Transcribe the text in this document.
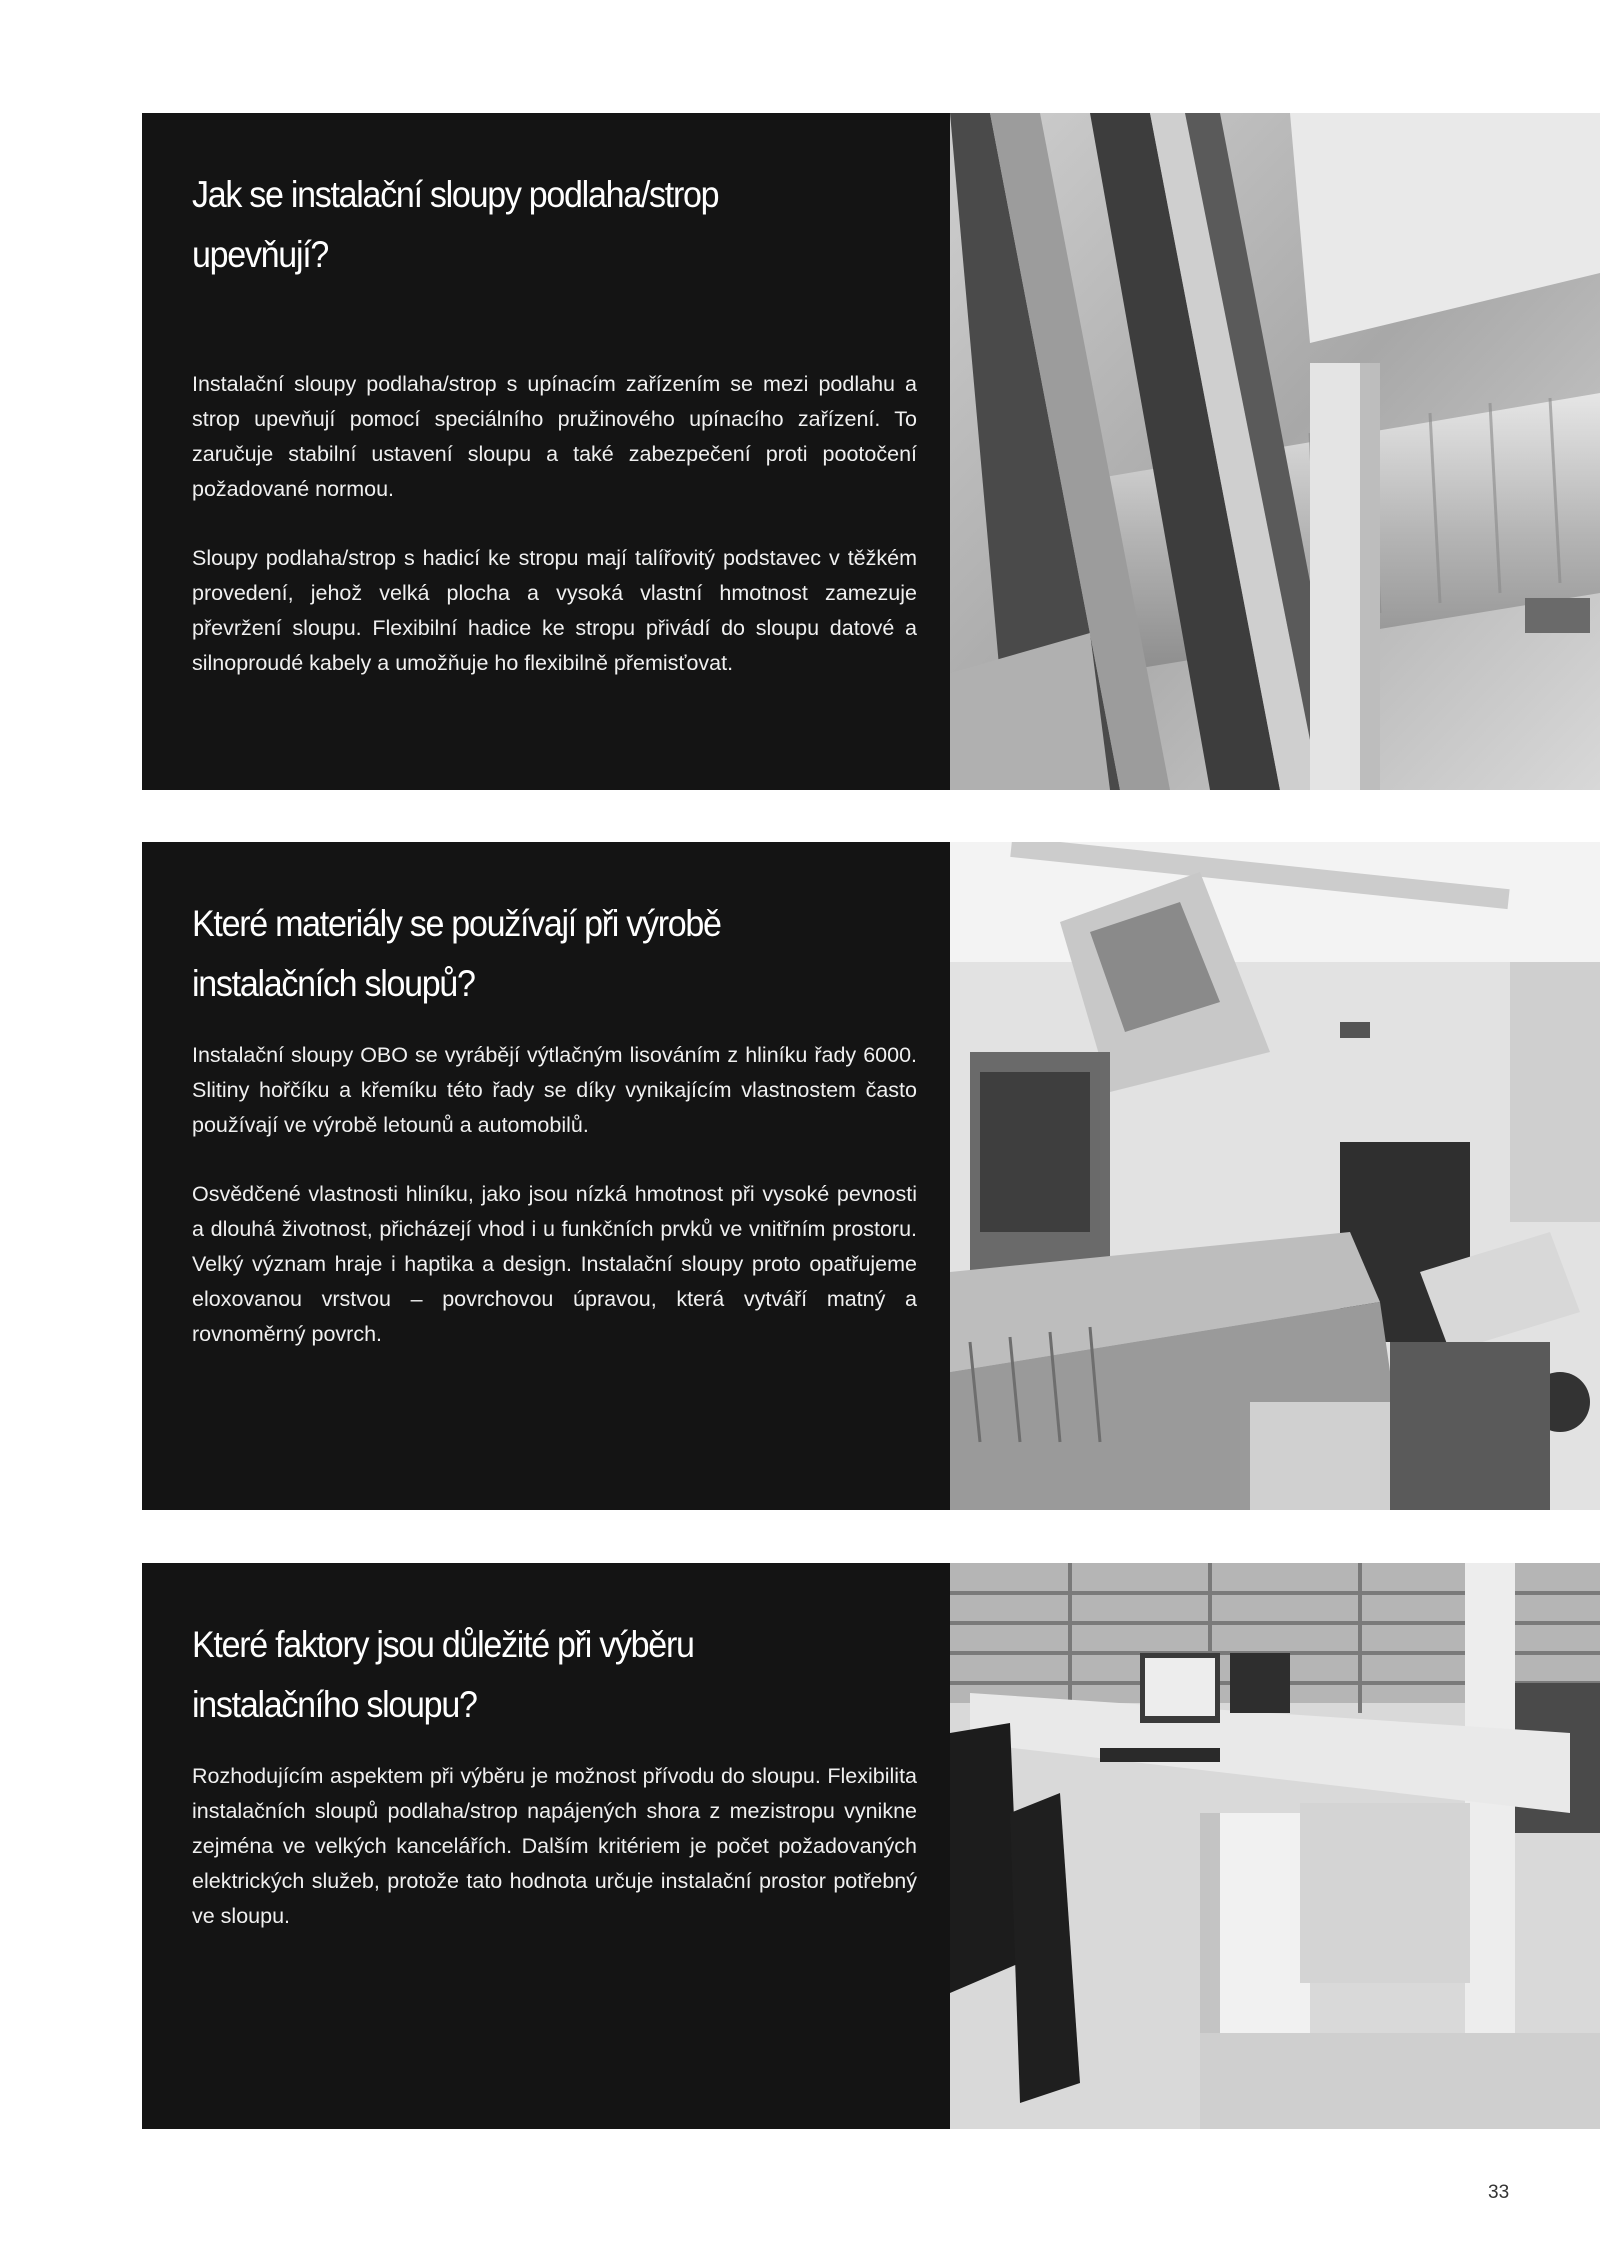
Jak se instalační sloupy podlaha/strop upevňují?

Instalační sloupy podlaha/strop s upínacím zařízením se mezi podlahu a strop upevňují pomocí speciálního pružinového upínacího zařízení. To zaručuje stabilní ustavení sloupu a také zabezpečení proti pootočení požadované normou.

Sloupy podlaha/strop s hadicí ke stropu mají talířovitý podstavec v těžkém provedení, jehož velká plocha a vysoká vlastní hmotnost zamezuje převržení sloupu. Flexibilní hadice ke stropu přivádí do sloupu datové a silnoproudé kabely a umožňuje ho flexibilně přemisťovat.

Které materiály se používají při výrobě instalačních sloupů?

Instalační sloupy OBO se vyrábějí výtlačným lisováním z hliníku řady 6000. Slitiny hořčíku a křemíku této řady se díky vynikajícím vlastnostem často používají ve výrobě letounů a automobilů.

Osvědčené vlastnosti hliníku, jako jsou nízká hmotnost při vysoké pevnosti a dlouhá životnost, přicházejí vhod i u funkčních prvků ve vnitřním prostoru. Velký význam hraje i haptika a design. Instalační sloupy proto opatřujeme eloxovanou vrstvou – povrchovou úpravou, která vytváří matný a rovnoměrný povrch.

Které faktory jsou důležité při výběru instalačního sloupu?

Rozhodujícím aspektem při výběru je možnost přívodu do sloupu. Flexibilita instalačních sloupů podlaha/strop napájených shora z mezistropu vynikne zejména ve velkých kancelářích. Dalším kritériem je počet požadovaných elektrických služeb, protože tato hodnota určuje instalační prostor potřebný ve sloupu.

33
